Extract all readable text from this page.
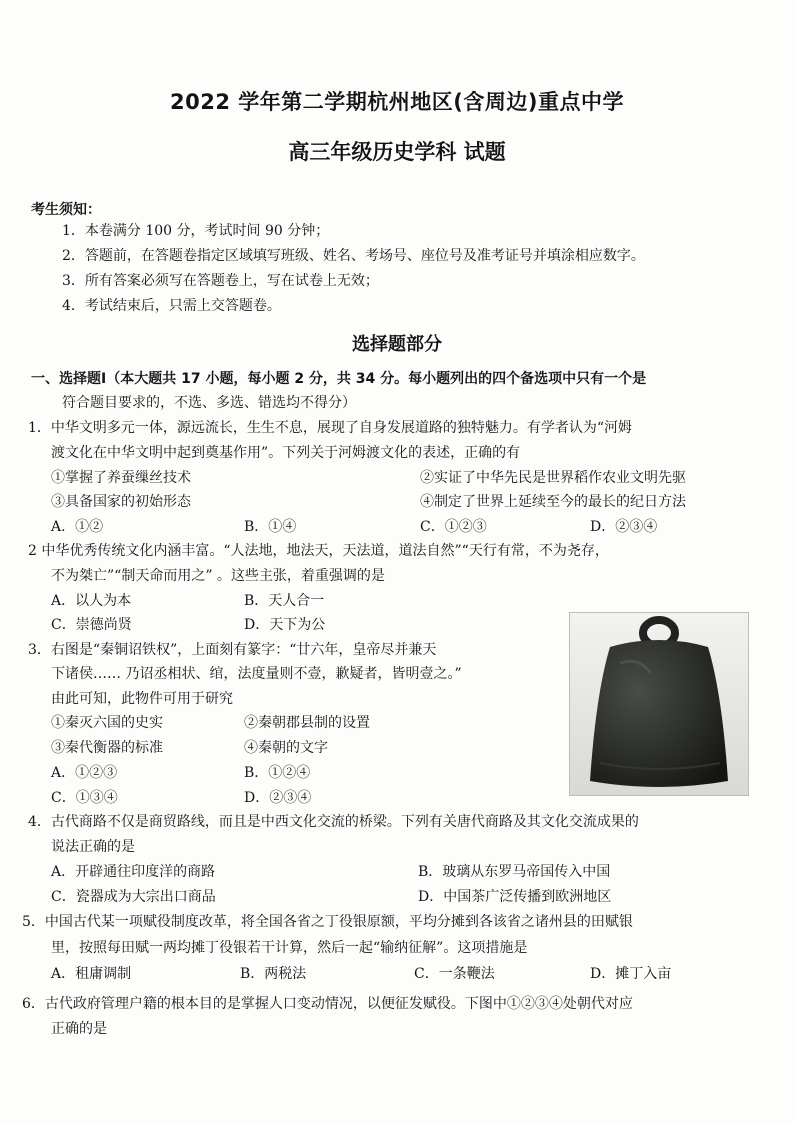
2022 学年第二学期杭州地区(含周边)重点中学
高三年级历史学科 试题
考生须知：
1．本卷满分 100 分，考试时间 90 分钟；
2．答题前，在答题卷指定区域填写班级、姓名、考场号、座位号及准考证号并填涂相应数字。
3．所有答案必须写在答题卷上，写在试卷上无效；
4．考试结束后，只需上交答题卷。
选择题部分
一、选择题Ⅰ（本大题共 17 小题，每小题 2 分，共 34 分。每小题列出的四个备选项中只有一个是
符合题目要求的，不选、多选、错选均不得分）
1．中华文明多元一体，源远流长，生生不息，展现了自身发展道路的独特魅力。有学者认为“河姆
渡文化在中华文明中起到奠基作用”。下列关于河姆渡文化的表述，正确的有
①掌握了养蚕缫丝技术	②实证了中华先民是世界稻作农业文明先驱
③具备国家的初始形态	④制定了世界上延续至今的最长的纪日方法
A．①②	B．①④	C．①②③	D．②③④
2 中华优秀传统文化内涵丰富。“人法地，地法天，天法道，道法自然”“天行有常，不为尧存，
不为桀亡”“制天命而用之” 。这些主张，着重强调的是
A．以人为本	B．天人合一
C．崇德尚贤	D．天下为公
3．右图是“秦铜诏铁权”，上面刻有篆字：“廿六年，皇帝尽并兼天
下诸侯…… 乃诏丞相状、绾，法度量则不壹，歉疑者，皆明壹之。”
由此可知，此物件可用于研究
①秦灭六国的史实	②秦朝郡县制的设置
③秦代衡器的标准	④秦朝的文字
A．①②③	B．①②④
C．①③④	D．②③④
4．古代商路不仅是商贸路线，而且是中西文化交流的桥梁。下列有关唐代商路及其文化交流成果的
说法正确的是
A．开辟通往印度洋的商路	B．玻璃从东罗马帝国传入中国
C．瓷器成为大宗出口商品	D．中国茶广泛传播到欧洲地区
5．中国古代某一项赋役制度改革，将全国各省之丁役银原额，平均分摊到各该省之诸州县的田赋银
里，按照每田赋一两均摊丁役银若干计算，然后一起“输纳征解”。这项措施是
A．租庸调制	B．两税法	C．一条鞭法	D．摊丁入亩
6．古代政府管理户籍的根本目的是掌握人口变动情况，以便征发赋役。下图中①②③④处朝代对应
正确的是
